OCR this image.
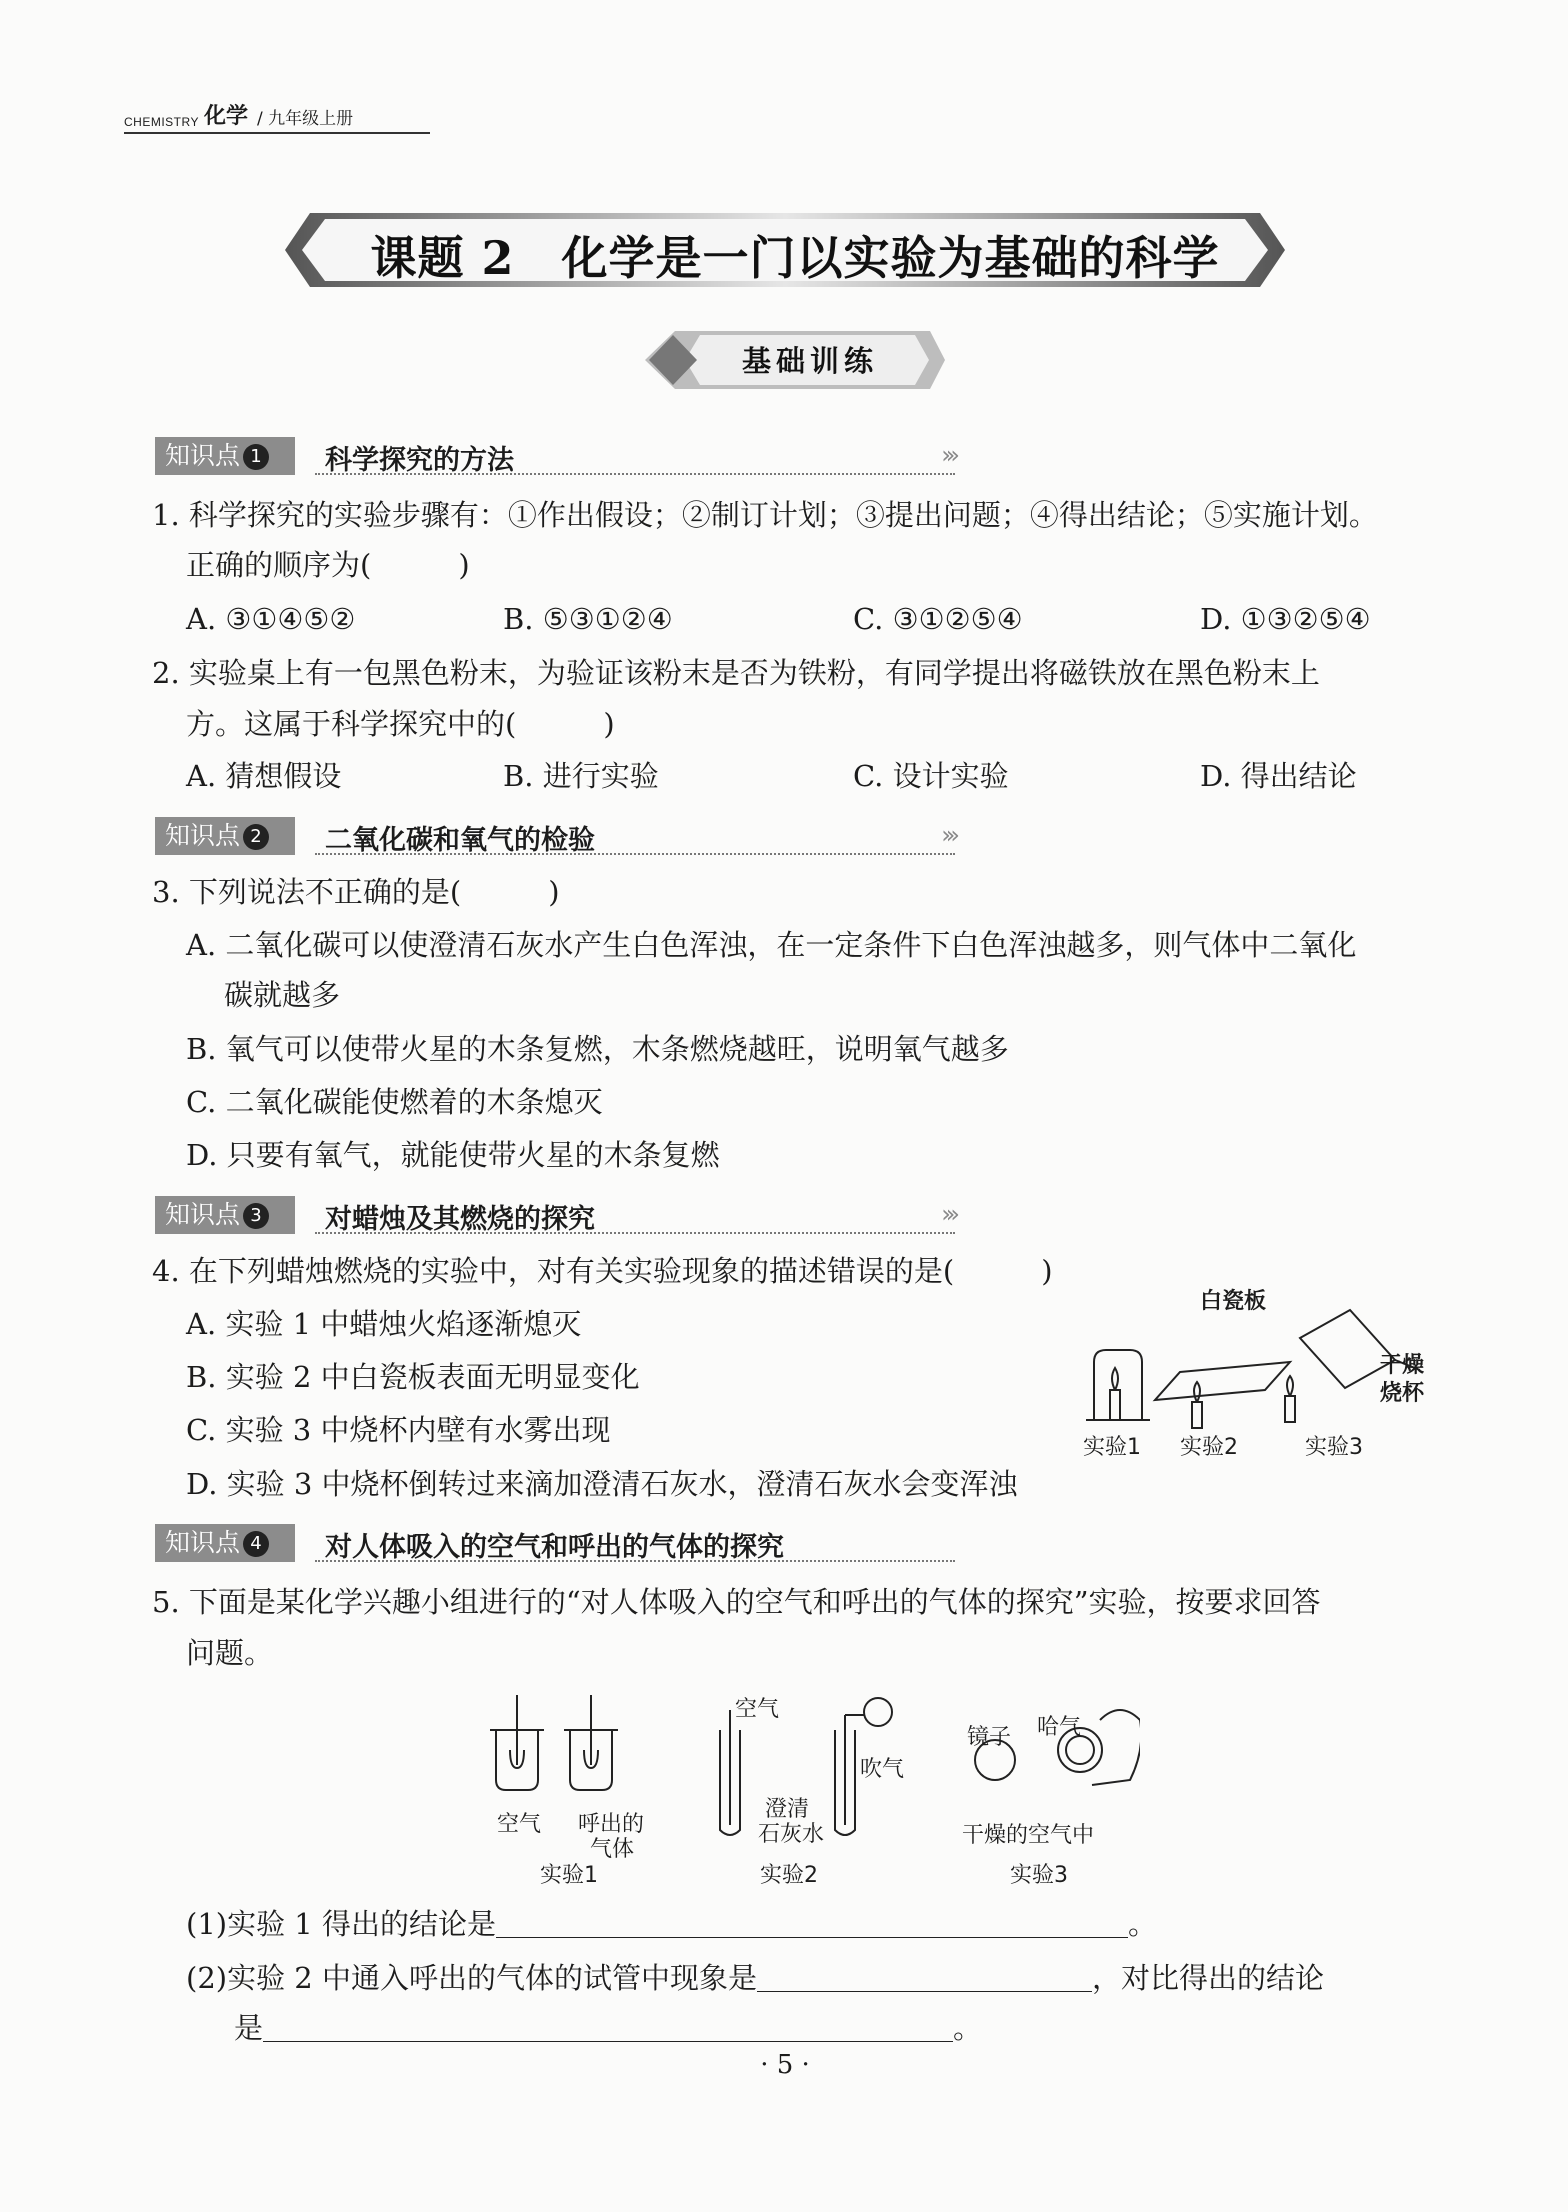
CHEMISTRY 化学 / 九年级上册
课题 2　化学是一门以实验为基础的科学
基础训练
知识点 1	科学探究的方法	›››
1. 科学探究的实验步骤有：①作出假设；②制订计划；③提出问题；④得出结论；⑤实施计划。
正确的顺序为(　　　)
A. ③①④⑤②	B. ⑤③①②④	C. ③①②⑤④	D. ①③②⑤④
2. 实验桌上有一包黑色粉末，为验证该粉末是否为铁粉，有同学提出将磁铁放在黑色粉末上
方。这属于科学探究中的(　　　)
A. 猜想假设	B. 进行实验	C. 设计实验	D. 得出结论
知识点 2	二氧化碳和氧气的检验	›››
3. 下列说法不正确的是(　　　)
A. 二氧化碳可以使澄清石灰水产生白色浑浊，在一定条件下白色浑浊越多，则气体中二氧化
碳就越多
B. 氧气可以使带火星的木条复燃，木条燃烧越旺，说明氧气越多
C. 二氧化碳能使燃着的木条熄灭
D. 只要有氧气，就能使带火星的木条复燃
知识点 3	对蜡烛及其燃烧的探究	›››
4. 在下列蜡烛燃烧的实验中，对有关实验现象的描述错误的是(　　　)
A. 实验 1 中蜡烛火焰逐渐熄灭
B. 实验 2 中白瓷板表面无明显变化
C. 实验 3 中烧杯内壁有水雾出现
D. 实验 3 中烧杯倒转过来滴加澄清石灰水，澄清石灰水会变浑浊
白瓷板
干燥
烧杯
实验1 实验2	实验3
知识点 4	对人体吸入的空气和呼出的气体的探究
5. 下面是某化学兴趣小组进行的“对人体吸入的空气和呼出的气体的探究”实验，按要求回答
问题。
空气 呼出的
气体
实验1
空气
吹气
澄清
石灰水
实验2
镜子 哈气
干燥的空气中
实验3
(1)实验 1 得出的结论是	。
(2)实验 2 中通入呼出的气体的试管中现象是	，对比得出的结论
是	。
· 5 ·
